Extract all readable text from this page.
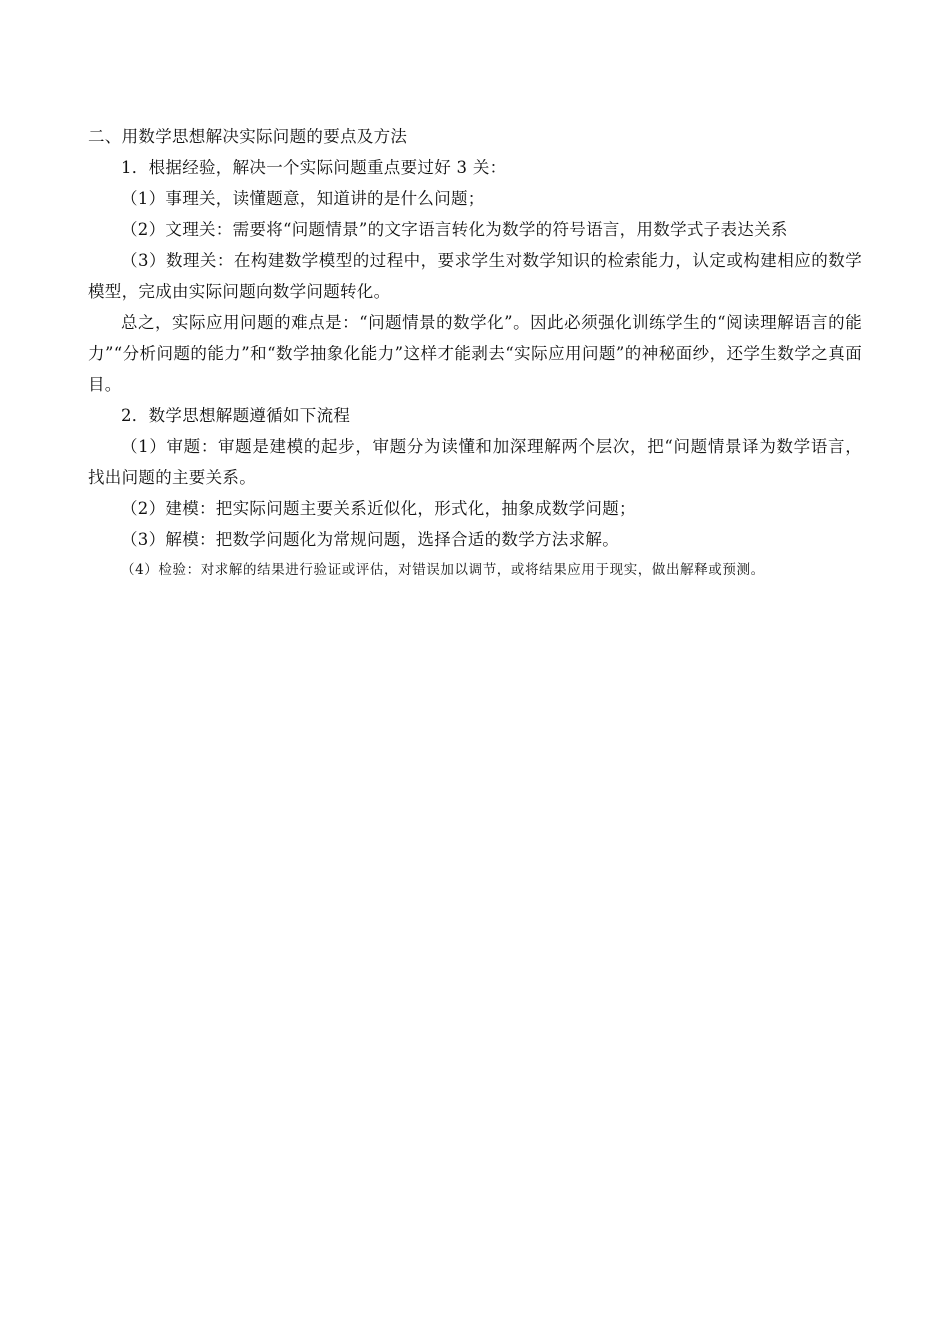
二、用数学思想解决实际问题的要点及方法

1．根据经验，解决一个实际问题重点要过好 3 关：

（1）事理关，读懂题意，知道讲的是什么问题；

（2）文理关：需要将“问题情景”的文字语言转化为数学的符号语言，用数学式子表达关系

（3）数理关：在构建数学模型的过程中，要求学生对数学知识的检索能力，认定或构建相应的数学模型，完成由实际问题向数学问题转化。

总之，实际应用问题的难点是：“问题情景的数学化”。因此必须强化训练学生的“阅读理解语言的能力”“分析问题的能力”和“数学抽象化能力”这样才能剥去“实际应用问题”的神秘面纱，还学生数学之真面目。

2．数学思想解题遵循如下流程

（1）审题：审题是建模的起步，审题分为读懂和加深理解两个层次，把“问题情景译为数学语言，找出问题的主要关系。

（2）建模：把实际问题主要关系近似化，形式化，抽象成数学问题；

（3）解模：把数学问题化为常规问题，选择合适的数学方法求解。

（4）检验：对求解的结果进行验证或评估，对错误加以调节，或将结果应用于现实，做出解释或预测。
